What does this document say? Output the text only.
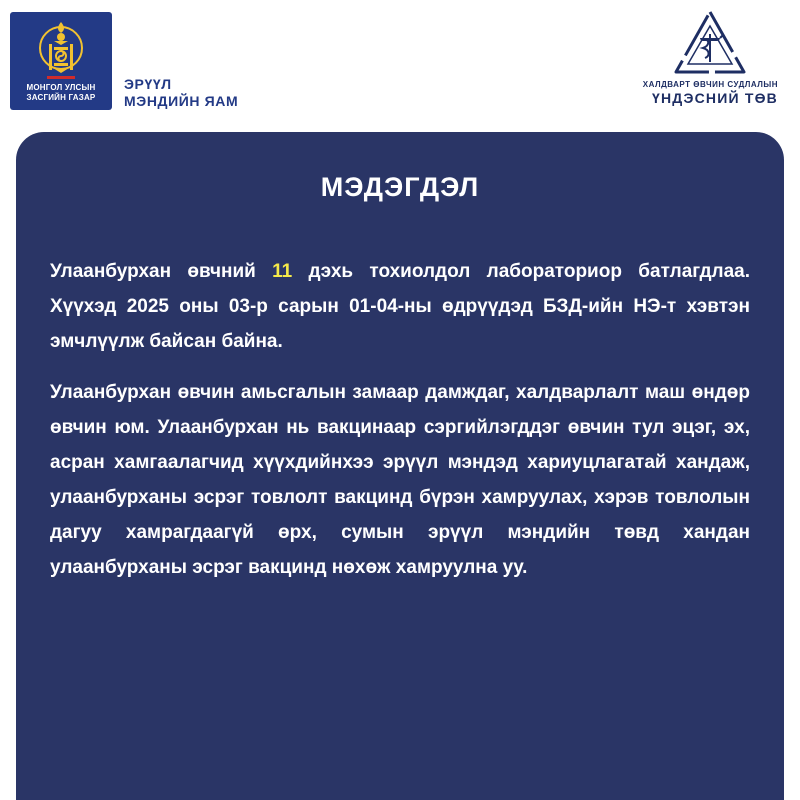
МОНГОЛ УЛСЫН
ЗАСГИЙН ГАЗАР
ЭРҮҮЛ
МЭНДИЙН ЯАМ
ХАЛДВАРТ ӨВЧИН СУДЛАЛЫН
ҮНДЭСНИЙ ТӨВ
МЭДЭГДЭЛ

Улаанбурхан өвчний 11 дэхь тохиолдол лабораториор батлагдлаа. Хүүхэд 2025 оны 03-р сарын 01-04-ны өдрүүдэд БЗД-ийн НЭ-т хэвтэн эмчлүүлж байсан байна.

Улаанбурхан өвчин амьсгалын замаар дамждаг, халдварлалт маш өндөр өвчин юм. Улаанбурхан нь вакцинаар сэргийлэгддэг өвчин тул эцэг, эх, асран хамгаалагчид хүүхдийнхээ эрүүл мэндэд хариуцлагатай хандаж, улаанбурханы эсрэг товлолт вакцинд бүрэн хамруулах, хэрэв товлолын дагуу хамрагдаагүй өрх, сумын эрүүл мэндийн төвд хандан улаанбурханы эсрэг вакцинд нөхөж хамруулна уу.
